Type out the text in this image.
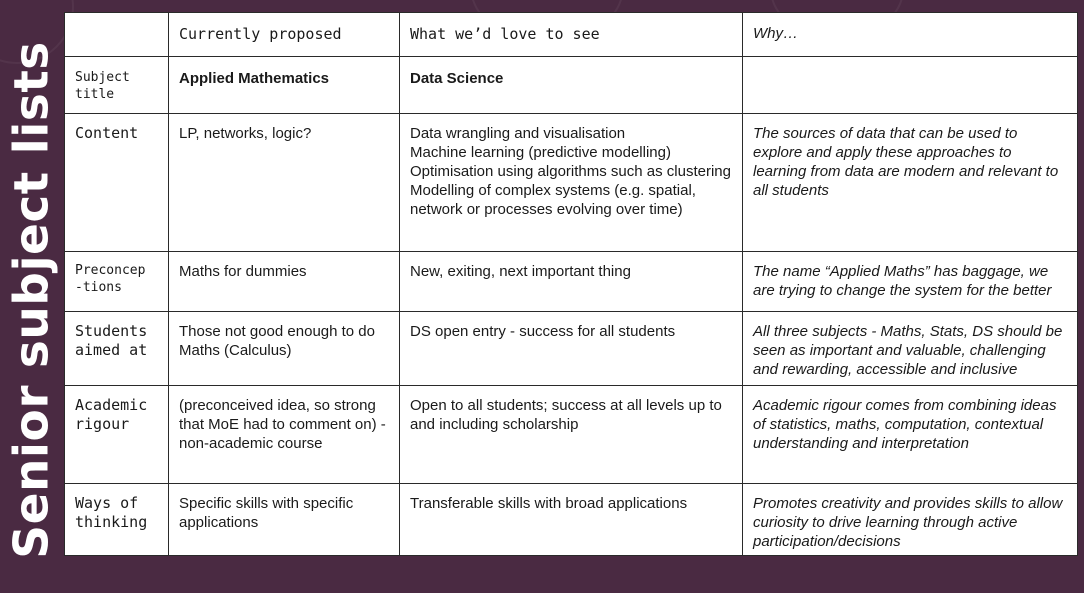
Senior subject lists
	Currently proposed	What we’d love to see	Why…
Subject title	Applied Mathematics	Data Science	
Content	LP, networks, logic?	Data wrangling and visualisation
Machine learning (predictive modelling)
Optimisation using algorithms such as clustering
Modelling of complex systems (e.g. spatial, network or processes evolving over time)	The sources of data that can be used to explore and apply these approaches to learning from data are modern and relevant to all students
Preconcep -tions	Maths for dummies	New, exiting, next important thing	The name “Applied Maths” has baggage, we are trying to change the system for the better
Students aimed at	Those not good enough to do Maths (Calculus)	DS open entry - success for all students	All three subjects - Maths, Stats, DS should be seen as important and valuable, challenging and rewarding, accessible and inclusive
Academic rigour	(preconceived idea, so strong that MoE had to comment on) - non-academic course	Open to all students; success at all levels up to and including scholarship	Academic rigour comes from combining ideas of statistics, maths, computation, contextual understanding and interpretation
Ways of thinking	Specific skills with specific applications	Transferable skills with broad applications	Promotes creativity and provides skills to allow curiosity to drive learning through active participation/decisions
